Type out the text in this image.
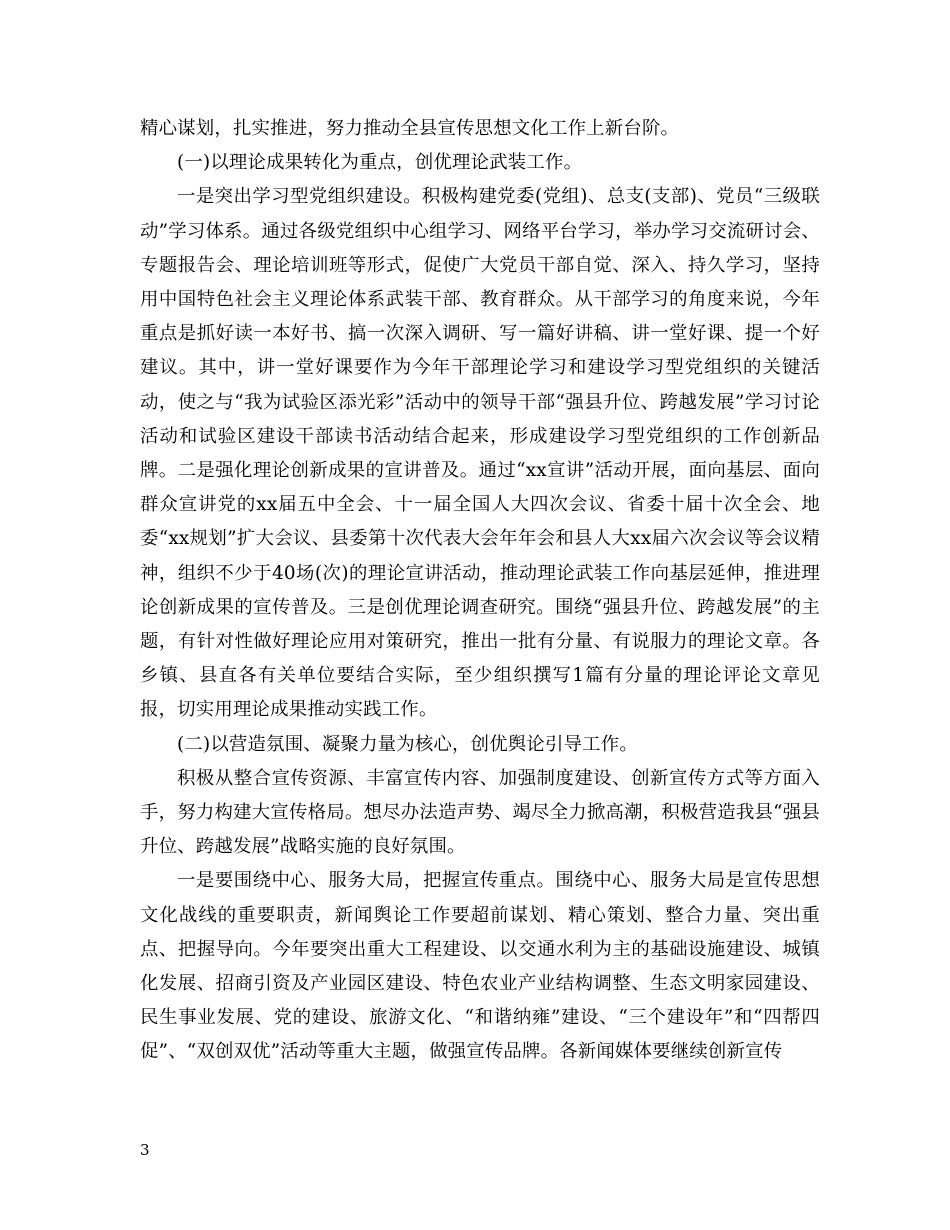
精心谋划，扎实推进，努力推动全县宣传思想文化工作上新台阶。

(一)以理论成果转化为重点，创优理论武装工作。

一是突出学习型党组织建设。积极构建党委(党组)、总支(支部)、党员“三级联动”学习体系。通过各级党组织中心组学习、网络平台学习，举办学习交流研讨会、专题报告会、理论培训班等形式，促使广大党员干部自觉、深入、持久学习，坚持用中国特色社会主义理论体系武装干部、教育群众。从干部学习的角度来说，今年重点是抓好读一本好书、搞一次深入调研、写一篇好讲稿、讲一堂好课、提一个好建议。其中，讲一堂好课要作为今年干部理论学习和建设学习型党组织的关键活动，使之与“我为试验区添光彩”活动中的领导干部“强县升位、跨越发展”学习讨论活动和试验区建设干部读书活动结合起来，形成建设学习型党组织的工作创新品牌。二是强化理论创新成果的宣讲普及。通过“xx宣讲”活动开展，面向基层、面向群众宣讲党的xx届五中全会、十一届全国人大四次会议、省委十届十次全会、地委“xx规划”扩大会议、县委第十次代表大会年年会和县人大xx届六次会议等会议精神，组织不少于40场(次)的理论宣讲活动，推动理论武装工作向基层延伸，推进理论创新成果的宣传普及。三是创优理论调查研究。围绕“强县升位、跨越发展”的主题，有针对性做好理论应用对策研究，推出一批有分量、有说服力的理论文章。各乡镇、县直各有关单位要结合实际，至少组织撰写1篇有分量的理论评论文章见报，切实用理论成果推动实践工作。

(二)以营造氛围、凝聚力量为核心，创优舆论引导工作。

积极从整合宣传资源、丰富宣传内容、加强制度建设、创新宣传方式等方面入手，努力构建大宣传格局。想尽办法造声势、竭尽全力掀高潮，积极营造我县“强县升位、跨越发展”战略实施的良好氛围。

一是要围绕中心、服务大局，把握宣传重点。围绕中心、服务大局是宣传思想文化战线的重要职责，新闻舆论工作要超前谋划、精心策划、整合力量、突出重点、把握导向。今年要突出重大工程建设、以交通水利为主的基础设施建设、城镇化发展、招商引资及产业园区建设、特色农业产业结构调整、生态文明家园建设、民生事业发展、党的建设、旅游文化、“和谐纳雍”建设、“三个建设年”和“四帮四促”、“双创双优”活动等重大主题，做强宣传品牌。各新闻媒体要继续创新宣传

3
